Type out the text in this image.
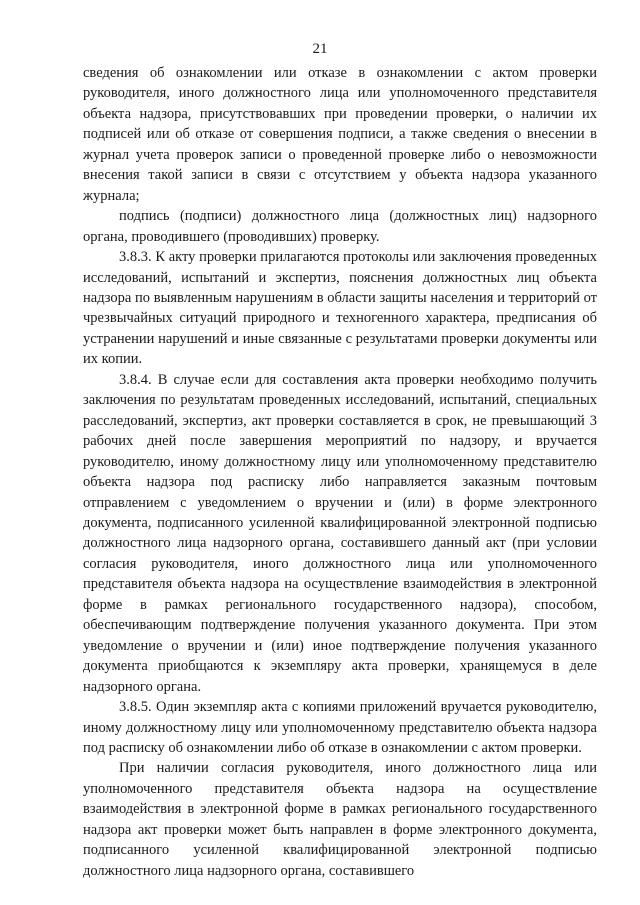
21

сведения об ознакомлении или отказе в ознакомлении с актом проверки руководителя, иного должностного лица или уполномоченного представителя объекта надзора, присутствовавших при проведении проверки, о наличии их подписей или об отказе от совершения подписи, а также сведения о внесении в журнал учета проверок записи о проведенной проверке либо о невозможности внесения такой записи в связи с отсутствием у объекта надзора указанного журнала;

подпись (подписи) должностного лица (должностных лиц) надзорного органа, проводившего (проводивших) проверку.

3.8.3. К акту проверки прилагаются протоколы или заключения проведенных исследований, испытаний и экспертиз, пояснения должностных лиц объекта надзора по выявленным нарушениям в области защиты населения и территорий от чрезвычайных ситуаций природного и техногенного характера, предписания об устранении нарушений и иные связанные с результатами проверки документы или их копии.

3.8.4. В случае если для составления акта проверки необходимо получить заключения по результатам проведенных исследований, испытаний, специальных расследований, экспертиз, акт проверки составляется в срок, не превышающий 3 рабочих дней после завершения мероприятий по надзору, и вручается руководителю, иному должностному лицу или уполномоченному представителю объекта надзора под расписку либо направляется заказным почтовым отправлением с уведомлением о вручении и (или) в форме электронного документа, подписанного усиленной квалифицированной электронной подписью должностного лица надзорного органа, составившего данный акт (при условии согласия руководителя, иного должностного лица или уполномоченного представителя объекта надзора на осуществление взаимодействия в электронной форме в рамках регионального государственного надзора), способом, обеспечивающим подтверждение получения указанного документа. При этом уведомление о вручении и (или) иное подтверждение получения указанного документа приобщаются к экземпляру акта проверки, хранящемуся в деле надзорного органа.

3.8.5. Один экземпляр акта с копиями приложений вручается руководителю, иному должностному лицу или уполномоченному представителю объекта надзора под расписку об ознакомлении либо об отказе в ознакомлении с актом проверки.

При наличии согласия руководителя, иного должностного лица или уполномоченного представителя объекта надзора на осуществление взаимодействия в электронной форме в рамках регионального государственного надзора акт проверки может быть направлен в форме электронного документа, подписанного усиленной квалифицированной электронной подписью должностного лица надзорного органа, составившего
